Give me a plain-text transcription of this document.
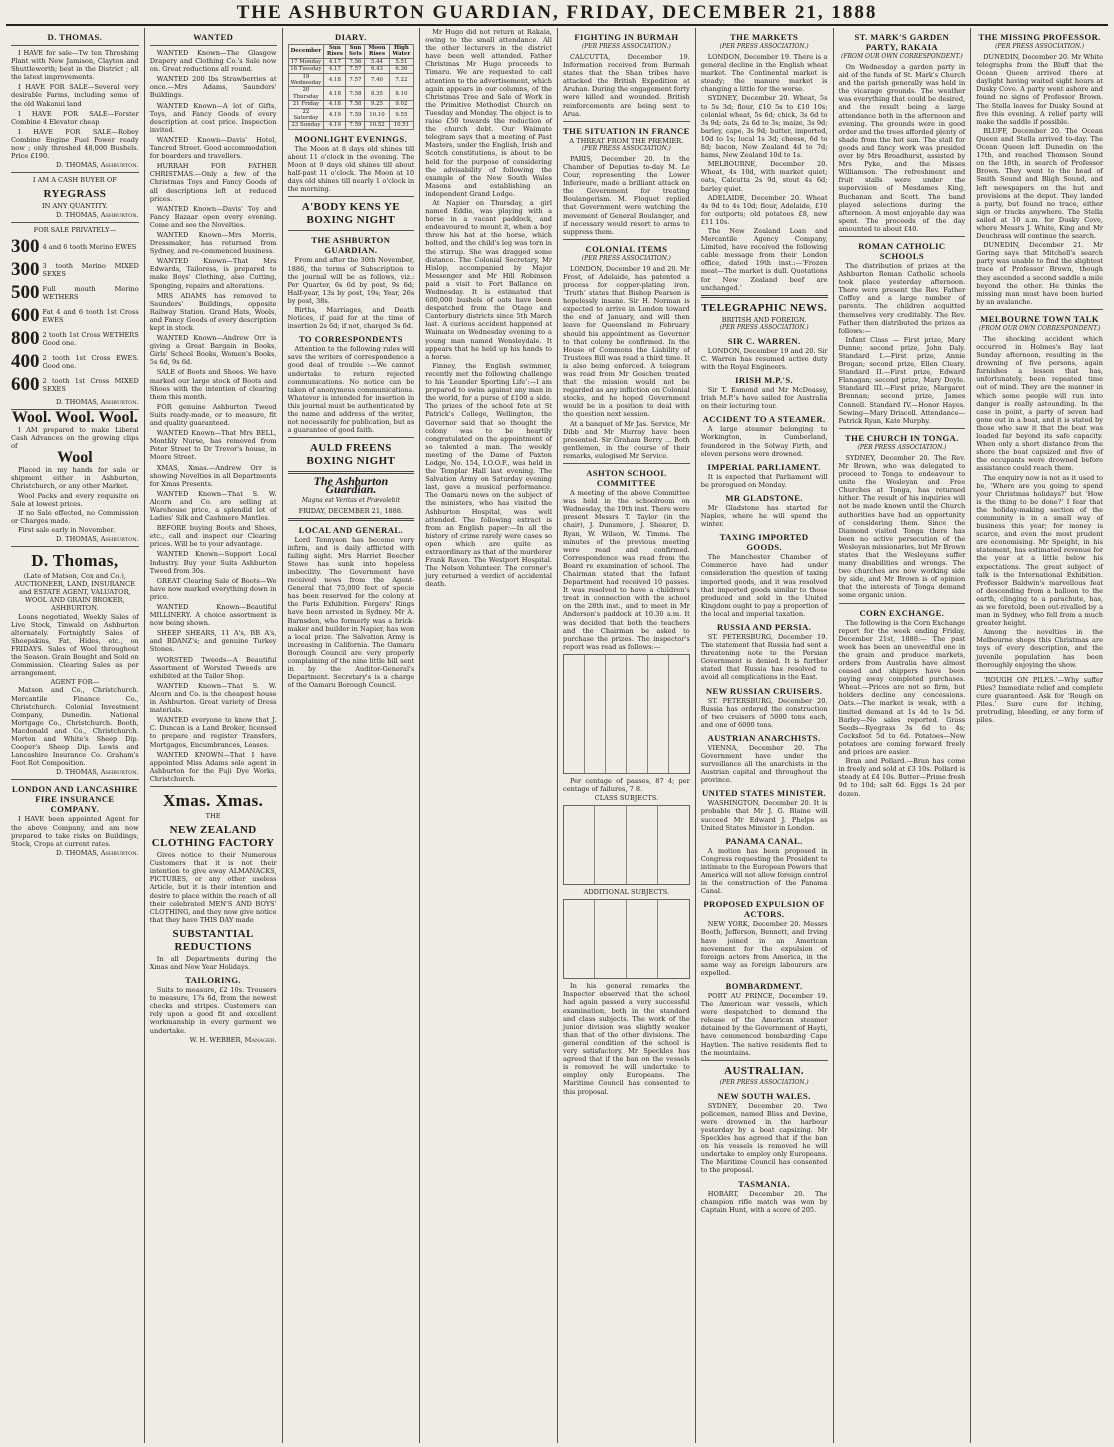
THE ASHBURTON GUARDIAN, FRIDAY, DECEMBER 21, 1888
D. THOMAS.

I HAVE for sale—Tw ten Threshing Plant with New Jamison, Clayton and Shuttleworth; best in the District ; all the latest improvements.

I HAVE FOR SALE—Several very desirable Farms, including some of the old Wakanui land

I HAVE FOR SALE—Forster Combine 4 Elevator cheap

I HAVE FOR SALE—Robey Combine Engine Fuel Power ready now ; only threshed 48,000 Bushels. Price £190.

D. THOMAS, Ashburton.

I AM A CASH BUYER OF

RYEGRASS

IN ANY QUANTITY.

D. THOMAS, Ashburton.

FOR SALE PRIVATELY—

300 4 and 6 tooth Merino EWES
300 3 tooth Merino MIXED SEXES
500 Full mouth Merino WETHERS
600 Fat 4 and 6 tooth 1st Cross EWES
800 2 tooth 1st Cross WETHERS Good one.
400 2 tooth 1st Cross EWES. Good one.
600 2 tooth 1st Cross MIXED SEXES

D. THOMAS, Ashburton.

Wool. Wool. Wool.

I AM prepared to make Liberal Cash Advances on the growing clips of

Wool

Placed in my hands for sale or shipment either in Ashburton, Christchurch, or any other Market.

Wool Packs and every requisite on Sale at lowest prices.

If no Sale effected, no Commission or Charges made.

First sale early in November.

D. THOMAS, Ashburton.

D. Thomas,

(Late of Matson, Cox and Co.),

AUCTIONEER, LAND, INSURANCE and ESTATE AGENT, VALUATOR, WOOL AND GRAIN BROKER, ASHBURTON.

Loans negotiated, Weekly Sales of Live Stock, Tinwald on Ashburton alternately. Fortnightly Sales of Sheepskins, Fat, Hides, etc., on FRIDAYS. Sales of Wool throughout the Season. Grain Bought and Sold on Commission. Clearing Sales as per arrangement.

AGENT FOR—

Matson and Co., Christchurch. Mercantile Finance Co., Christchurch. Colonial Investment Company, Dunedin. National Mortgage Co., Christchurch. Booth, Macdonald and Co., Christchurch. Morton and White's Sheep Dip. Cooper's Sheep Dip. Lewis and Lancashire Insurance Co. Graham's Foot Rot Composition.

D. THOMAS, Ashburton.

LONDON AND LANCASHIRE FIRE INSURANCE COMPANY.

I HAVE been appointed Agent for the above Company, and am now prepared to take risks on Buildings, Stock, Crops at current rates.

D. THOMAS, Ashburton.

WANTED

WANTED Known—The Glasgow Drapery and Clothing Co.'s Sale now on. Great reductions all round.

WANTED 200 lbs Strawberries at once.—Mrs Adams, Saunders' Buildings.

WANTED Known—A lot of Gifts, Toys, and Fancy Goods of every description at cost price. Inspection invited.

WANTED Known—Davis' Hotel, Tancred Street. Good accommodation for boarders and travellers.

HURRAH FOR FATHER CHRISTMAS.—Only a few of the Christmas Toys and Fancy Goods of all descriptions left at reduced prices.

WANTED Known—Davis' Toy and Fancy Bazaar open every evening. Come and see the Novelties.

WANTED Known—Mrs Morris, Dressmaker, has returned from Sydney, and re-commenced business.

WANTED Known—That Mrs Edwards, Tailoress, is prepared to make Boys' Clothing, also Cutting, Sponging, repairs and alterations.

MRS ADAMS has removed to Saunders' Buildings, opposite Railway Station. Grand Hats, Wools, and Fancy Goods of every description kept in stock.

WANTED Known—Andrew Orr is giving a Great Bargain in Books, Girls' School Books, Women's Books, 5s 6d, 9s 6d.

SALE of Boots and Shoes. We have marked our large stock of Boots and Shoes with the intention of clearing them this month.

FOR genuine Ashburton Tweed Suits ready-made, or to measure, fit and quality guaranteed.

WANTED Known—That Mrs BELL, Monthly Nurse, has removed from Peter Street to Dr Trevor's house, in Moore Street.

XMAS, Xmas.—Andrew Orr is showing Novelties in all Departments for Xmas Presents.

WANTED Known—That S. W. Alcorn and Co. are selling at Warehouse price, a splendid lot of Ladies' Silk and Cashmere Mantles.

BEFORE buying Boots and Shoes, etc., call and inspect our Clearing prices. Will be to your advantage.

WANTED Known—Support Local Industry. Buy your Suits Ashburton Tweed from 30s.

GREAT Clearing Sale of Boots—We have now marked everything down in price.

WANTED Known—Beautiful MILLINERY. A choice assortment is now being shown.

SHEEP SHEARS, 11 A's, BB A's, and BDANZ's; and genuine Turkey Stones.

WORSTED Tweeds—A Beautiful Assortment of Worsted Tweeds are exhibited at the Tailor Shop.

WANTED Known—That S. W. Alcorn and Co. is the cheapest house in Ashburton. Great variety of Dress materials.

WANTED everyone to know that J. C. Duncan is a Land Broker, licensed to prepare and register Transfers, Mortgages, Encumbrances, Leases.

WANTED KNOWN—That I have appointed Miss Adams sole agent in Ashburton for the Fuji Dye Works, Christchurch.

Xmas. Xmas.

THE

NEW ZEALAND CLOTHING FACTORY

Gives notice to their Numerous Customers that it is not their intention to give away ALMANACKS, PICTURES, or any other useless Article, but it is their intention and desire to place within the reach of all their celebrated MEN'S AND BOYS' CLOTHING, and they now give notice that they have THIS DAY made

SUBSTANTIAL REDUCTIONS

In all Departments during the Xmas and New Year Holidays.

TAILORING.

Suits to measure, £2 10s. Trousers to measure, 17s 6d, from the newest checks and stripes. Customers can rely upon a good fit and excellent workmanship in every garment we undertake.

W. H. WEBBER, Manager.

DIARY.
December	Sun Rises	Sun Sets	Moon Rises	High Water
17 Monday	4.17	7.56	5.44	5.51
18 Tuesday	4.17	7.57	6.43	6.36
19 Wednesday	4.18	7.57	7.40	7.22
20 Thursday	4.18	7.58	8.35	8.10
21 Friday	4.18	7.58	9.25	9.02
22 Saturday	4.19	7.59	10.10	9.55
23 Sunday	4.19	7.59	10.52	10.51
MOONLIGHT EVENINGS.

The Moon at 8 days old shines till about 11 o'clock in the evening. The Moon at 9 days old shines till about half-past 11 o'clock. The Moon at 10 days old shines till nearly 1 o'clock in the morning.

A'BODY KENS YE BOXING NIGHT
THE ASHBURTON GUARDIAN.

From and after the 30th November, 1886, the terms of Subscription to the journal will be as follows, viz.: Per Quarter, 6s 6d by post, 9s 6d; Half-year, 13s by post, 19s; Year, 26s by post, 38s.

Births, Marriages, and Death Notices, if paid for at the time of insertion 2s 6d; if not, charged 3s 6d.

TO CORRESPONDENTS

Attention to the following rules will save the writers of correspondence a good deal of trouble :—We cannot undertake to return rejected communications. No notice can be taken of anonymous communications. Whatever is intended for insertion in this journal must be authenticated by the name and address of the writer, not necessarily for publication, but as a guarantee of good faith.

AULD FREENS BOXING NIGHT
The Ashburton Guardian.

Magna est Veritas et Prævalebit

FRIDAY, DECEMBER 21, 1888.

LOCAL AND GENERAL.

Lord Tennyson has become very infirm, and is daily afflicted with failing sight. Mrs Harriet Beecher Stowe has sunk into hopeless imbecility. The Government have received news from the Agent-General that 75,000 feet of specie has been reserved for the colony at the Paris Exhibition. Forgers' Rings have been arrested in Sydney. Mr A. Barnsden, who formerly was a brick-maker and builder in Napier, has won a local prize. The Salvation Army is increasing in California. The Oamaru Borough Council are very properly complaining of the nine little bill sent in by the Auditor-General's Department. Secretary's is a charge of the Oamaru Borough Council.

Mr Hugo did not return at Rakaia, owing to the small attendance. All the other lecturers in the district have been well attended. Father Christmas Mr Hugo proceeds to Timaru. We are requested to call attention to the advertisement, which again appears in our columns, of the Christmas Tree and Sale of Work in the Primitive Methodist Church on Tuesday and Monday. The object is to raise £50 towards the reduction of the church debt. Our Waimate telegram says that a meeting of Past Masters, under the English, Irish and Scotch constitutions, is about to be held for the purpose of considering the advisability of following the example of the New South Wales Masons and establishing an independent Grand Lodge.

At Napier on Thursday, a girl named Eddie, was playing with a horse in a vacant paddock, and endeavoured to mount it, when a boy threw his hat at the horse, which bolted, and the child's leg was torn in the stirrup. She was dragged some distance. The Colonial Secretary, Mr Hislop, accompanied by Major Messenger and Mr Hill Robinson paid a visit to Fort Ballance on Wednesday. It is estimated that 600,000 bushels of oats have been despatched from the Otago and Canterbury districts since 5th March last. A curious accident happened at Waimate on Wednesday evening to a young man named Wensleydale. It appears that he held up his hands to a horse.

Finney, the English swimmer, recently met the following challenge to his ‘Leander Sporting Life’:—I am prepared to swim against any man in the world, for a purse of £100 a side. The prizes of the school fete at St Patrick's College, Wellington, the Governor said that so thought the colony was to be heartily congratulated on the appointment of so talented a man. The weekly meeting of the Dame of Paxton Lodge, No. 154, I.O.O.F., was held in the Templar Hall last evening. The Salvation Army on Saturday evening last, gave a musical performance. The Oamaru news on the subject of the ministers, who has visited the Ashburton Hospital, was well attended. The following extract is from an English paper:—In all the history of crime rarely were cases so open which are quite as extraordinary as that of the murderer Frank Raven. The Westport Hospital. The Nelson Volunteer. The coroner's jury returned a verdict of accidental death.

FIGHTING IN BURMAH

(PER PRESS ASSOCIATION.)

CALCUTTA, December 19. Information received from Burmah states that the Shan tribes have attacked the British Expedition at Aruhan. During the engagement forty were killed and wounded. British reinforcements are being sent to Arua.

THE SITUATION IN FRANCE

A THREAT FROM THE PREMIER.

(PER PRESS ASSOCIATION.)

PARIS, December 20. In the Chamber of Deputies to-day M. Le Cour, representing the Lower Inferieure, made a brilliant attack on the Government for treating Boulangerism. M. Floquet replied that Government were watching the movement of General Boulanger, and if necessary would resort to arms to suppress them.

COLONIAL ITEMS

(PER PRESS ASSOCIATION.)

LONDON, December 19 and 20. Mr Frost, of Adelaide, has patented a process for copper-plating iron. ‘Truth’ states that Bishop Pearson is hopelessly insane. Sir H. Norman is expected to arrive in London toward the end of January, and will then leave for Queensland in February should his appointment as Governor to that colony be confirmed. In the House of Commons the Liability of Trustees Bill was read a third time. It is also being enforced. A telegram was read from Mr Goschen treated that the mission would not be regarded as any infliction on Colonial stocks, and he hoped Government would be in a position to deal with the question next session.

At a banquet of Mr Jas. Service, Mr Dibb and Mr Murray have been presented. Sir Graham Berry ... Both gentlemen, in the course of their remarks, eulogised Mr Service.

ASHTON SCHOOL COMMITTEE

A meeting of the above Committee was held in the schoolroom on Wednesday, the 19th inst. There were present Messrs T. Taylor (in the chair), J. Dunsmore, J. Shearer, D. Ryan, W. Wilson, W. Timms. The minutes of the previous meeting were read and confirmed. Correspondence was read from the Board re examination of school. The Chairman stated that the Infant Department had received 10 passes. It was resolved to have a children's treat in connection with the school on the 28th inst., and to meet in Mr Anderson's paddock at 10.30 a.m. It was decided that both the teachers and the Chairman be asked to purchase the prizes. The inspector's report was read as follows:—

Per centage of passes, 87 4; per centage of failures, 7 8.

CLASS SUBJECTS.

ADDITIONAL SUBJECTS.

In his general remarks the Inspector observed that the school had again passed a very successful examination, both in the standard and class subjects. The work of the junior division was slightly weaker than that of the other divisions. The general condition of the school is very satisfactory. Mr Speckles has agreed that if the ban on the vessels is removed he will undertake to employ only Europeans. The Maritime Council has consented to this proposal.

THE MARKETS

(PER PRESS ASSOCIATION.)

LONDON, December 19. There is a general decline in the English wheat market. The Continental market is steady; the manure market is changing a little for the worse.

SYDNEY, December 20. Wheat, 5s to 5s 3d; flour, £10 5s to £10 10s; colonial wheat, 5s 6d; chick, 3s 6d to 3s 9d; oats, 2s 6d to 3s; maize, 3s 9d; barley, cape, 3s 9d; butter, imported, 10d to 1s; local 1s 3d; cheese, 6d to 8d; bacon, New Zealand 4d to 7d; hams, New Zealand 10d to 1s.

MELBOURNE, December 20. Wheat, 4s 10d, with market quiet; oats, Calcutta 2s 9d, stout 4s 6d; barley quiet.

ADELAIDE, December 20. Wheat 4s 9d to 4s 10d; flour, Adelaide, £10 for outports; old potatoes £8, new £11 10s.

The New Zealand Loan and Mercantile Agency Company, Limited, have received the following cable message from their London office, dated 19th inst.:—‘Frozen meat—The market is dull. Quotations for New Zealand beef are unchanged.’

TELEGRAPHIC NEWS.

BRITISH AND FOREIGN.

(PER PRESS ASSOCIATION.)

SIR C. WARREN.

LONDON, December 19 and 20. Sir C. Warren has resumed active duty with the Royal Engineers.

IRISH M.P.'S.

Sir T. Esmond and Mr McDeassy, Irish M.P.'s have sailed for Australia on their lecturing tour.

ACCIDENT TO A STEAMER.

A large steamer belonging to Workington, in Cumberland, foundered in the Solway Firth, and eleven persons were drowned.

IMPERIAL PARLIAMENT.

It is expected that Parliament will be prorogued on Monday.

MR GLADSTONE.

Mr Gladstone has started for Naples, where he will spend the winter.

TAXING IMPORTED GOODS.

The Manchester Chamber of Commerce have had under consideration the question of taxing imported goods, and it was resolved that imported goods similar to those produced and sold in the United Kingdom ought to pay a proportion of the local and imperial taxation.

RUSSIA AND PERSIA.

ST. PETERSBURG, December 19. The statement that Russia had sent a threatening note to the Persian Government is denied. It is further stated that Russia has resolved to avoid all complications in the East.

NEW RUSSIAN CRUISERS.

ST. PETERSBURG, December 20. Russia has ordered the construction of two cruisers of 5000 tons each, and one of 6000 tons.

AUSTRIAN ANARCHISTS.

VIENNA, December 20. The Government have under the surveillance all the anarchists in the Austrian capital and throughout the province.

UNITED STATES MINISTER.

WASHINGTON, December 20. It is probable that Mr J. G. Blaine will succeed Mr Edward J. Phelps as United States Minister in London.

PANAMA CANAL.

A motion has been proposed in Congress requesting the President to intimate to the European Powers that America will not allow foreign control in the construction of the Panama Canal.

PROPOSED EXPULSION OF ACTORS.

NEW YORK, December 20. Messrs Booth, Jefferson, Bennett, and Irving have joined in an American movement for the expulsion of foreign actors from America, in the same way as foreign labourers are expelled.

BOMBARDMENT.

PORT AU PRINCE, December 19. The American war vessels, which were despatched to demand the release of the American steamer detained by the Government of Hayti, have commenced bombarding Cape Haytien. The native residents fled to the mountains.

AUSTRALIAN.

(PER PRESS ASSOCIATION.)

NEW SOUTH WALES.

SYDNEY, December 20. Two policemen, named Bliss and Devine, were drowned in the harbour yesterday by a boat capsizing. Mr Speckles has agreed that if the ban on his vessels is removed he will undertake to employ only Europeans. The Maritime Council has consented to the proposal.

TASMANIA.

HOBART, December 20. The champion rifle match was won by Captain Hunt, with a score of 205.

ST. MARK'S GARDEN PARTY, RAKAIA

(FROM OUR OWN CORRESPONDENT.)

On Wednesday a garden party in aid of the funds of St. Mark's Church and the parish generally was held in the vicarage grounds. The weather was everything that could be desired, and the result being a large attendance both in the afternoon and evening. The grounds were in good order and the trees afforded plenty of shade from the hot sun. The stall for goods and fancy work was presided over by Mrs Broadhurst, assisted by Mrs Pyke, and the Misses Williamson. The refreshment and fruit stalls were under the supervision of Mesdames King, Buchanan and Scott. The band played selections during the afternoon. A most enjoyable day was spent. The proceeds of the day amounted to about £40.

ROMAN CATHOLIC SCHOOLS

The distribution of prizes at the Ashburton Roman Catholic schools took place yesterday afternoon. There were present the Rev. Father Coffey and a large number of parents. The children acquitted themselves very creditably. The Rev. Father then distributed the prizes as follows:—

Infant Class — First prize, Mary Dunne; second prize, John Daly. Standard I.—First prize, Annie Brogan; second prize, Ellen Cleary. Standard II.—First prize, Edward Flanagan; second prize, Mary Doyle. Standard III.—First prize, Margaret Brennan; second prize, James Connell. Standard IV.—Honor Hayes. Sewing—Mary Driscoll. Attendance—Patrick Ryan, Kate Murphy.

THE CHURCH IN TONGA.

(PER PRESS ASSOCIATION.)

SYDNEY, December 20. The Rev. Mr Brown, who was delegated to proceed to Tonga to endeavour to unite the Wesleyan and Free Churches at Tonga, has returned hither. The result of his inquiries will not be made known until the Church authorities have had an opportunity of considering them. Since the Diamond visited Tonga there has been no active persecution of the Wesleyan missionaries, but Mr Brown states that the Wesleyans suffer many disabilities and wrongs. The two churches are now working side by side, and Mr Brown is of opinion that the interests of Tonga demand some organic union.

CORN EXCHANGE.

The following is the Corn Exchange report for the week ending Friday, December 21st, 1888:— The past week has been an uneventful one in the grain and produce markets, orders from Australia have almost ceased and shippers have been paying away completed purchases. Wheat.—Prices are not so firm, but holders decline any concessions. Oats.—The market is weak, with a limited demand at 1s 4d to 1s 5d. Barley—No sales reported. Grass Seeds—Ryegrass 3s 6d to 4s; Cocksfoot 5d to 6d. Potatoes—New potatoes are coming forward freely and prices are easier.

Bran and Pollard.—Bran has come in freely and sold at £3 10s. Pollard is steady at £4 10s. Butter—Prime fresh 9d to 10d; salt 6d. Eggs 1s 2d per dozen.

THE MISSING PROFESSOR.

(PER PRESS ASSOCIATION.)

DUNEDIN, December 20. Mr White telegraphs from the Bluff that the Ocean Queen arrived there at daylight having waited sight hours at Dusky Cove. A party went ashore and found no signs of Professor Brown. The Stella leaves for Dusky Sound at five this evening. A relief party will make the saddle if possible.

BLUFF, December 20. The Ocean Queen and Stella arrived to-day. The Ocean Queen left Dunedin on the 17th, and reached Thomson Sound on the 18th, in search of Professor Brown. They went to the head of Smith Sound and Bligh Sound, and left newspapers on the hut and provisions at the depot. They landed a party, but found no trace, either sign or tracks anywhere. The Stella sailed at 10 a.m. for Dusky Cove, where Messrs J. White, King and Mr Deuchrass will continue the search.

DUNEDIN, December 21. Mr Goring says that Mitchell's search party was unable to find the slightest trace of Professor Brown, though they ascended a second saddle a mile beyond the other. He thinks the missing man must have been buried by an avalanche.

MELBOURNE TOWN TALK

(FROM OUR OWN CORRESPONDENT.)

The shocking accident which occurred in Holmes's Bay last Sunday afternoon, resulting in the drowning of five persons, again furnishes a lesson that has, unfortunately, been repeated time out of mind. They are the manner in which some people will run into danger is really astounding. In the case in point, a party of seven had gone out in a boat, and it is stated by those who saw it that the boat was loaded far beyond its safe capacity. When only a short distance from the shore the boat capsized and five of the occupants were drowned before assistance could reach them.

The enquiry now is not as it used to be, ‘Where are you going to spend your Christmas holidays?’ but ‘How is the thing to be done?’ I fear that the holiday-making section of the community is in a small way of business this year; for money is scarce, and even the most prudent are economising. Mr Speight, in his statement, has estimated revenue for the year at a little below his expectations. The great subject of talk is the International Exhibition. Professor Baldwin's marvellous feat of descending from a balloon to the earth, clinging to a parachute, has, as we foretold, been out-rivalled by a man in Sydney, who fell from a much greater height.

Among the novelties in the Melbourne shops this Christmas are toys of every description, and the juvenile population has been thoroughly enjoying the show.

‘ROUGH ON PILES.’—Why suffer Piles? Immediate relief and complete cure guaranteed. Ask for ‘Rough on Piles.’ Sure cure for itching, protruding, bleeding, or any form of piles.
